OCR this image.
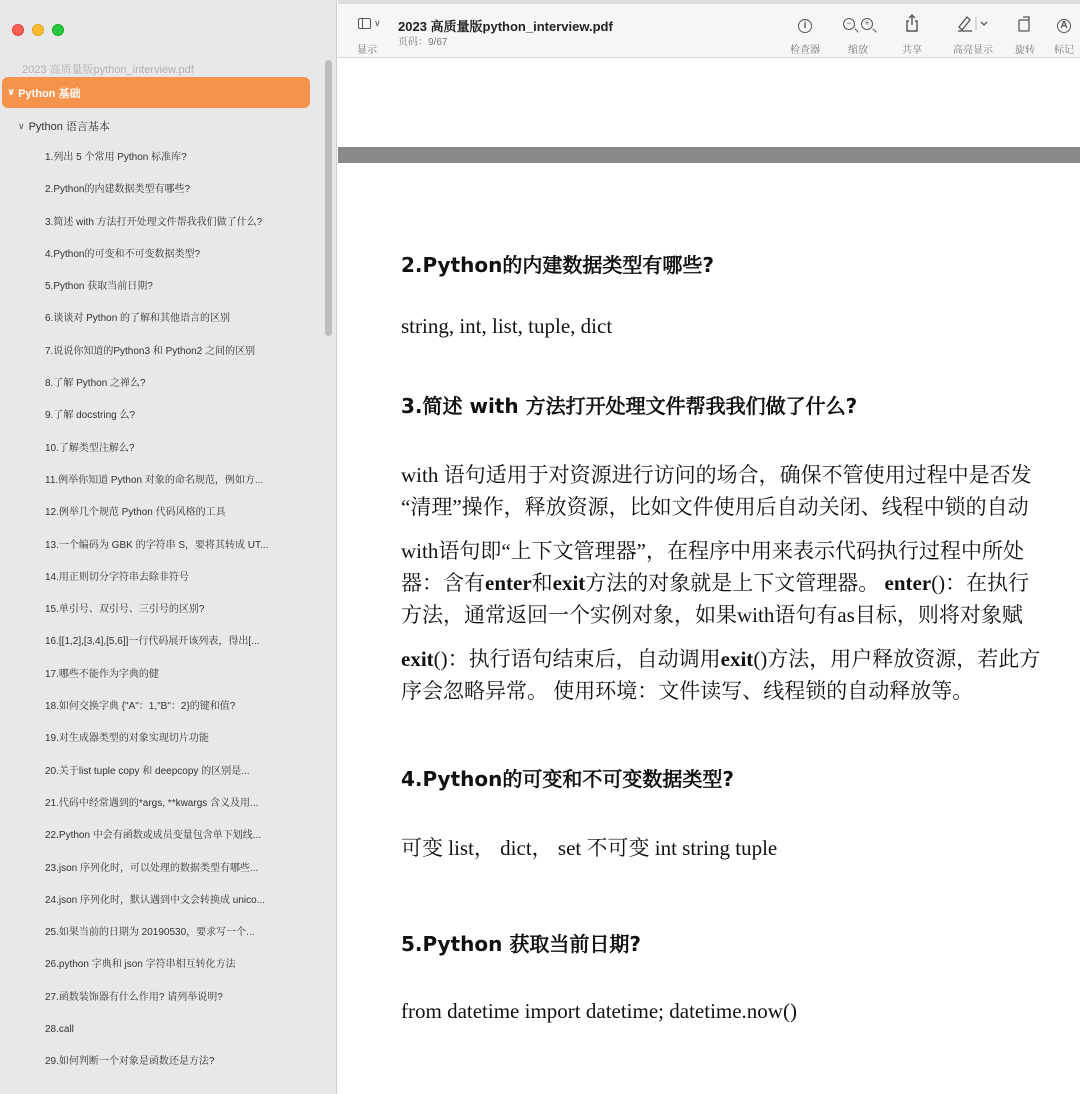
2023 高质量版python_interview.pdf
∨ Python 基础
∨ Python 语言基本
1.列出 5 个常用 Python 标准库?
2.Python的内建数据类型有哪些?
3.简述 with 方法打开处理文件帮我我们做了什么?
4.Python的可变和不可变数据类型?
5.Python 获取当前日期?
6.谈谈对 Python 的了解和其他语言的区别
7.说说你知道的Python3 和 Python2 之间的区别
8.了解 Python 之禅么?
9.了解 docstring 么?
10.了解类型注解么?
11.例举你知道 Python 对象的命名规范，例如方...
12.例举几个规范 Python 代码风格的工具
13.一个编码为 GBK 的字符串 S，要将其转成 UT...
14.用正则切分字符串去除非符号
15.单引号、双引号、三引号的区别?
16.[[1,2],[3,4],[5,6]]一行代码展开该列表，得出[...
17.哪些不能作为字典的健
18.如何交换字典 {"A"：1,"B"：2}的键和值?
19.对生成器类型的对象实现切片功能
20.关于list tuple copy 和 deepcopy 的区别是...
21.代码中经常遇到的*args, **kwargs 含义及用...
22.Python 中会有函数或成员变量包含单下划线...
23.json 序列化时，可以处理的数据类型有哪些...
24.json 序列化时，默认遇到中文会转换成 unico...
25.如果当前的日期为 20190530，要求写一个...
26.python 字典和 json 字符串相互转化方法
27.函数装饰器有什么作用? 请列举说明?
28.call
29.如何判断一个对象是函数还是方法?
∨
显示
2023 高质量版python_interview.pdf
页码：9/67
i
检查器
−	+
缩放	共享	高亮显示 旋转
A
标记
2.Python的内建数据类型有哪些?

string, int, list, tuple, dict

3.简述 with 方法打开处理文件帮我我们做了什么?

with 语句适用于对资源进行访问的场合，确保不管使用过程中是否发
“清理”操作，释放资源，比如文件使用后自动关闭、线程中锁的自动

with语句即“上下文管理器”，在程序中用来表示代码执行过程中所处
器：含有enter和exit方法的对象就是上下文管理器。 enter()：在执行
方法，通常返回一个实例对象，如果with语句有as目标，则将对象赋

exit()：执行语句结束后，自动调用exit()方法，用户释放资源，若此方
序会忽略异常。 使用环境：文件读写、线程锁的自动释放等。

4.Python的可变和不可变数据类型?

可变 list， dict， set 不可变 int string tuple

5.Python 获取当前日期?

from datetime import datetime; datetime.now()
